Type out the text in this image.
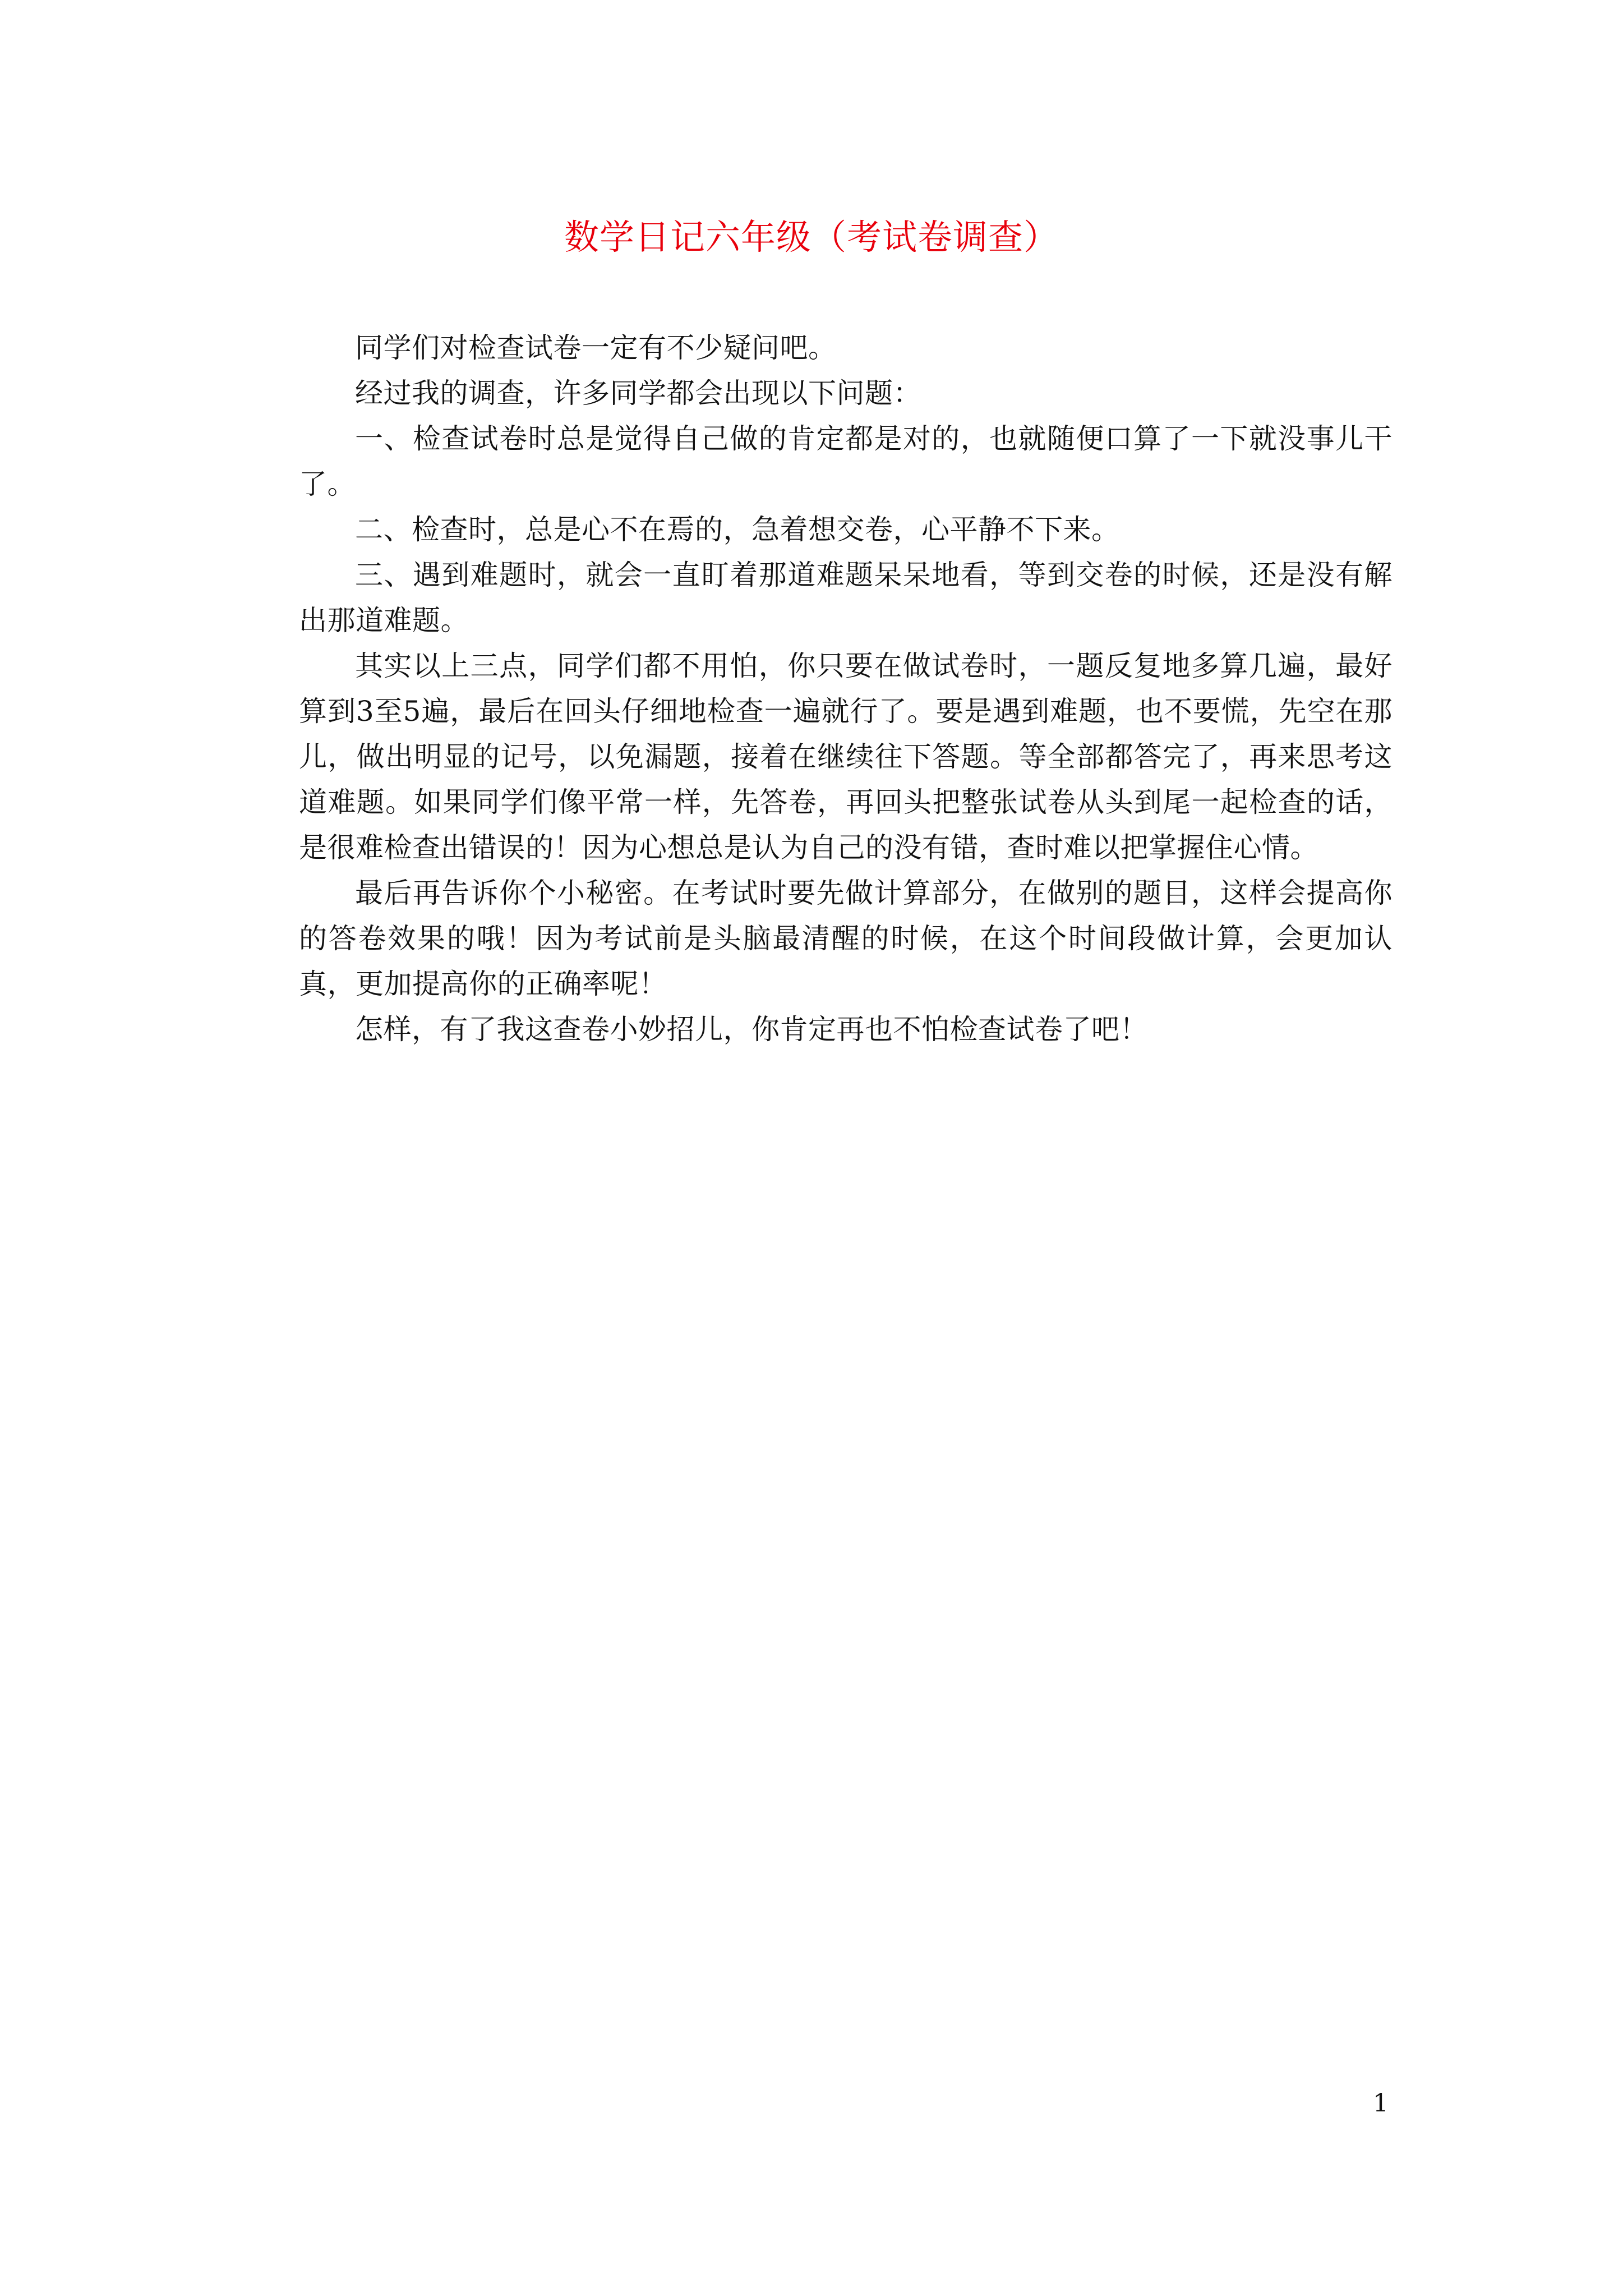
数学日记六年级（考试卷调查）

同学们对检查试卷一定有不少疑问吧。

经过我的调查，许多同学都会出现以下问题：

一、检查试卷时总是觉得自己做的肯定都是对的，也就随便口算了一下就没事儿干了。

二、检查时，总是心不在焉的，急着想交卷，心平静不下来。

三、遇到难题时，就会一直盯着那道难题呆呆地看，等到交卷的时候，还是没有解出那道难题。

其实以上三点，同学们都不用怕，你只要在做试卷时，一题反复地多算几遍，最好算到3至5遍，最后在回头仔细地检查一遍就行了。要是遇到难题，也不要慌，先空在那儿，做出明显的记号，以免漏题，接着在继续往下答题。等全部都答完了，再来思考这道难题。如果同学们像平常一样，先答卷，再回头把整张试卷从头到尾一起检查的话，是很难检查出错误的！因为心想总是认为自己的没有错，查时难以把掌握住心情。

最后再告诉你个小秘密。在考试时要先做计算部分，在做别的题目，这样会提高你的答卷效果的哦！因为考试前是头脑最清醒的时候，在这个时间段做计算，会更加认真，更加提高你的正确率呢！

怎样，有了我这查卷小妙招儿，你肯定再也不怕检查试卷了吧！

1
